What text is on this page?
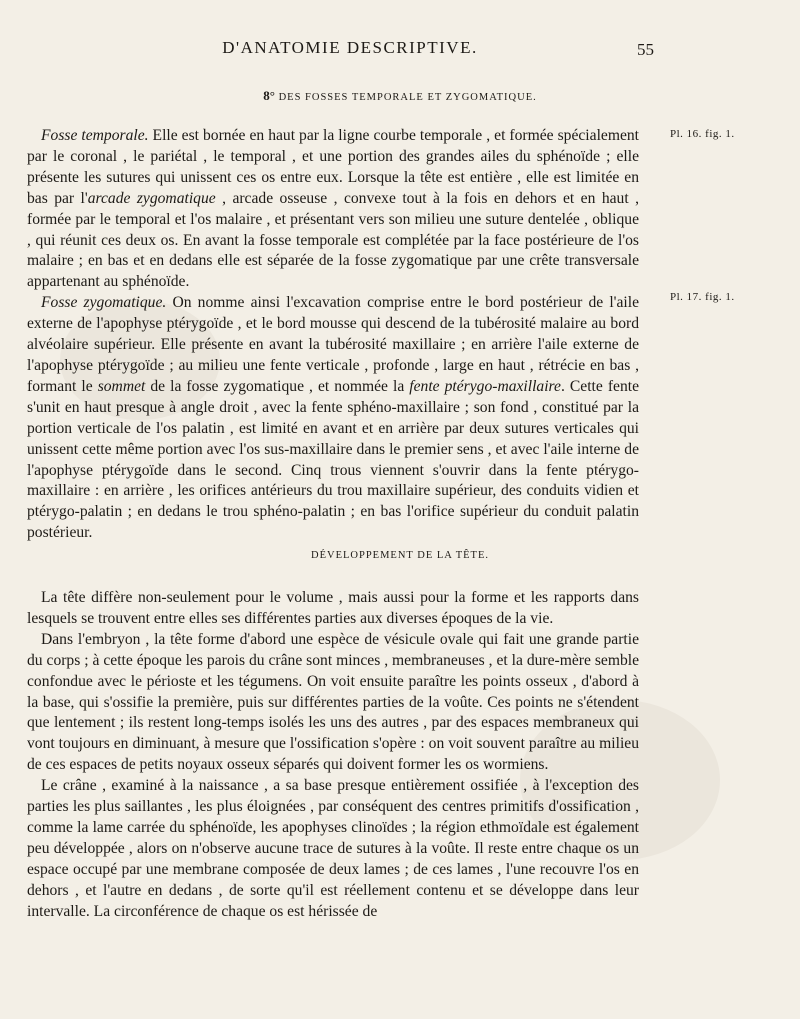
D'ANATOMIE DESCRIPTIVE.	55
8° DES FOSSES TEMPORALE ET ZYGOMATIQUE.

Fosse temporale. Elle est bornée en haut par la ligne courbe temporale , et formée spécialement par le coronal , le pariétal , le temporal , et une portion des grandes ailes du sphénoïde ; elle présente les sutures qui unissent ces os entre eux. Lorsque la tête est entière , elle est limitée en bas par l'arcade zygomatique , arcade osseuse , convexe tout à la fois en dehors et en haut , formée par le temporal et l'os malaire , et présentant vers son milieu une suture dentelée , oblique , qui réunit ces deux os. En avant la fosse temporale est complétée par la face postérieure de l'os malaire ; en bas et en dedans elle est séparée de la fosse zygomatique par une crête transversale appartenant au sphénoïde.

Fosse zygomatique. On nomme ainsi l'excavation comprise entre le bord postérieur de l'aile externe de l'apophyse ptérygoïde , et le bord mousse qui descend de la tubérosité malaire au bord alvéolaire supérieur. Elle présente en avant la tubérosité maxillaire ; en arrière l'aile externe de l'apophyse ptérygoïde ; au milieu une fente verticale , profonde , large en haut , rétrécie en bas , formant le sommet de la fosse zygomatique , et nommée la fente ptérygo-maxillaire. Cette fente s'unit en haut presque à angle droit , avec la fente sphéno-maxillaire ; son fond , constitué par la portion verticale de l'os palatin , est limité en avant et en arrière par deux sutures verticales qui unissent cette même portion avec l'os sus-maxillaire dans le premier sens , et avec l'aile interne de l'apophyse ptérygoïde dans le second. Cinq trous viennent s'ouvrir dans la fente ptérygo-maxillaire : en arrière , les orifices antérieurs du trou maxillaire supérieur, des conduits vidien et ptérygo-palatin ; en dedans le trou sphéno-palatin ; en bas l'orifice supérieur du conduit palatin postérieur.

Pl. 16. fig. 1.
Pl. 17. fig. 1.
DÉVELOPPEMENT DE LA TÊTE.

La tête diffère non-seulement pour le volume , mais aussi pour la forme et les rapports dans lesquels se trouvent entre elles ses différentes parties aux diverses époques de la vie.

Dans l'embryon , la tête forme d'abord une espèce de vésicule ovale qui fait une grande partie du corps ; à cette époque les parois du crâne sont minces , membraneuses , et la dure-mère semble confondue avec le périoste et les tégumens. On voit ensuite paraître les points osseux , d'abord à la base, qui s'ossifie la première, puis sur différentes parties de la voûte. Ces points ne s'étendent que lentement ; ils restent long-temps isolés les uns des autres , par des espaces membraneux qui vont toujours en diminuant, à mesure que l'ossification s'opère : on voit souvent paraître au milieu de ces espaces de petits noyaux osseux séparés qui doivent former les os wormiens.

Le crâne , examiné à la naissance , a sa base presque entièrement ossifiée , à l'exception des parties les plus saillantes , les plus éloignées , par conséquent des centres primitifs d'ossification , comme la lame carrée du sphénoïde, les apophyses clinoïdes ; la région ethmoïdale est également peu développée , alors on n'observe aucune trace de sutures à la voûte. Il reste entre chaque os un espace occupé par une membrane composée de deux lames ; de ces lames , l'une recouvre l'os en dehors , et l'autre en dedans , de sorte qu'il est réellement contenu et se développe dans leur intervalle. La circonférence de chaque os est hérissée de
